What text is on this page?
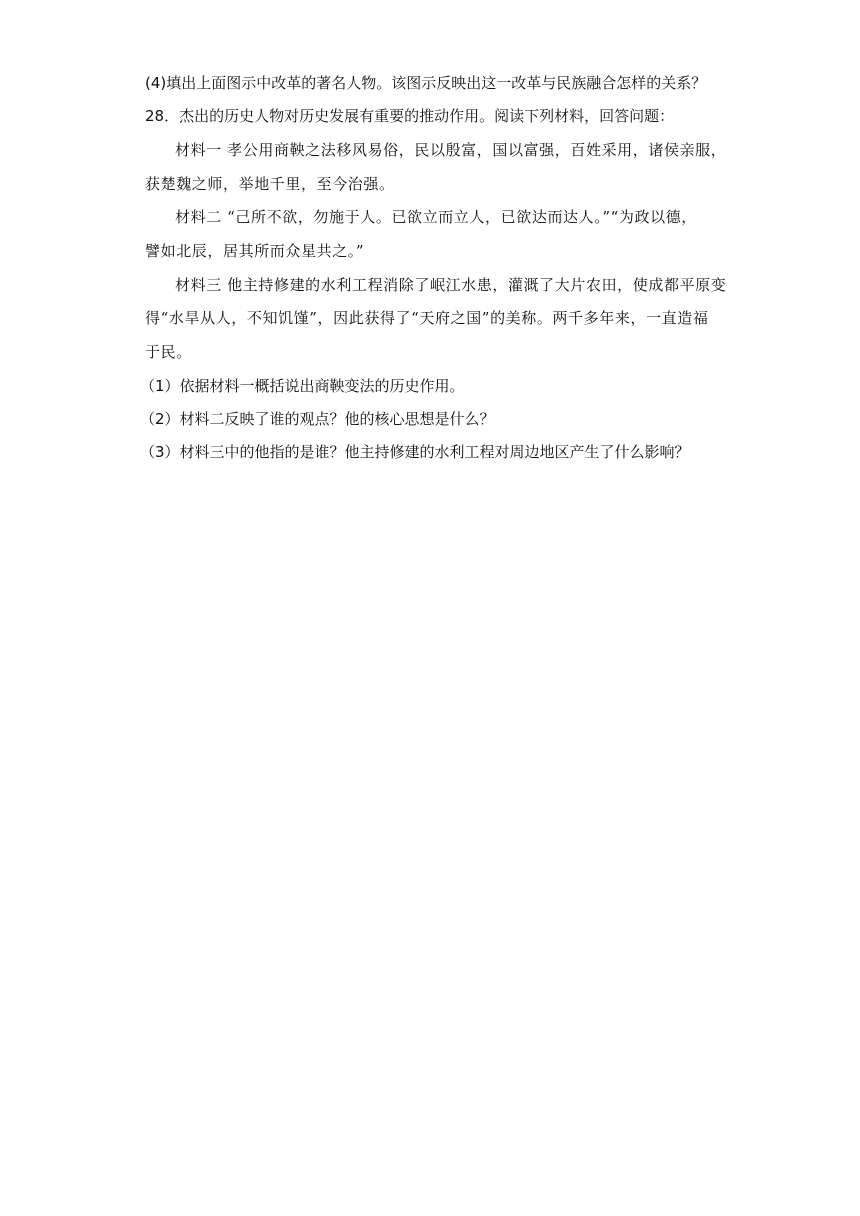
(4)填出上面图示中改革的著名人物。该图示反映出这一改革与民族融合怎样的关系？
28．杰出的历史人物对历史发展有重要的推动作用。阅读下列材料，回答问题：
材料一 孝公用商鞅之法移风易俗，民以殷富，国以富强，百姓采用，诸侯亲服，
获楚魏之师，举地千里，至今治强。
材料二 “己所不欲，勿施于人。已欲立而立人，已欲达而达人。”“为政以德，
譬如北辰，居其所而众星共之。”
材料三 他主持修建的水利工程消除了岷江水患，灌溉了大片农田，使成都平原变
得“水旱从人，不知饥馑”，因此获得了“天府之国”的美称。两千多年来，一直造福
于民。
（1）依据材料一概括说出商鞅变法的历史作用。
（2）材料二反映了谁的观点？他的核心思想是什么？
（3）材料三中的他指的是谁？他主持修建的水利工程对周边地区产生了什么影响？
